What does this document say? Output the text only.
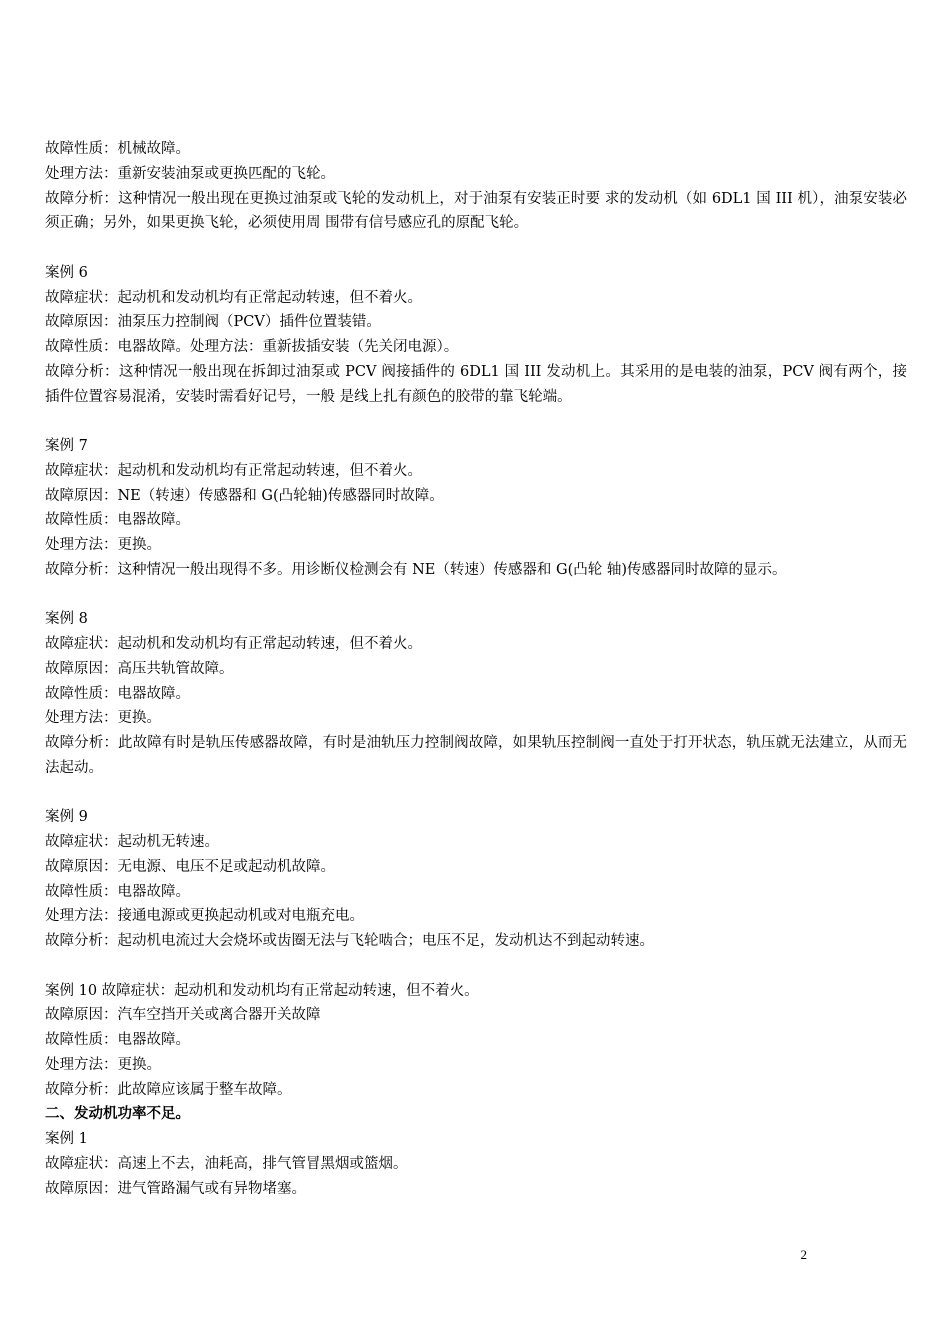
故障性质：机械故障。
处理方法：重新安装油泵或更换匹配的飞轮。
故障分析：这种情况一般出现在更换过油泵或飞轮的发动机上，对于油泵有安装正时要 求的发动机（如 6DL1 国 III 机），油泵安装必须正确；另外，如果更换飞轮，必须使用周 围带有信号感应孔的原配飞轮。
案例 6
故障症状：起动机和发动机均有正常起动转速，但不着火。
故障原因：油泵压力控制阀（PCV）插件位置装错。
故障性质：电器故障。处理方法：重新拔插安装（先关闭电源）。
故障分析：这种情况一般出现在拆卸过油泵或 PCV 阀接插件的 6DL1 国 III 发动机上。其采用的是电装的油泵，PCV 阀有两个，接插件位置容易混淆，安装时需看好记号，一般 是线上扎有颜色的胶带的靠飞轮端。
案例 7
故障症状：起动机和发动机均有正常起动转速，但不着火。
故障原因：NE（转速）传感器和 G(凸轮轴)传感器同时故障。
故障性质：电器故障。
处理方法：更换。
故障分析：这种情况一般出现得不多。用诊断仪检测会有 NE（转速）传感器和 G(凸轮 轴)传感器同时故障的显示。
案例 8
故障症状：起动机和发动机均有正常起动转速，但不着火。
故障原因：高压共轨管故障。
故障性质：电器故障。
处理方法：更换。
故障分析：此故障有时是轨压传感器故障，有时是油轨压力控制阀故障，如果轨压控制阀一直处于打开状态，轨压就无法建立，从而无法起动。
案例 9
故障症状：起动机无转速。
故障原因：无电源、电压不足或起动机故障。
故障性质：电器故障。
处理方法：接通电源或更换起动机或对电瓶充电。
故障分析：起动机电流过大会烧坏或齿圈无法与飞轮啮合；电压不足，发动机达不到起动转速。
案例 10 故障症状：起动机和发动机均有正常起动转速，但不着火。
故障原因：汽车空挡开关或离合器开关故障
故障性质：电器故障。
处理方法：更换。
故障分析：此故障应该属于整车故障。
二、发动机功率不足。
案例 1
故障症状：高速上不去，油耗高，排气管冒黑烟或篮烟。
故障原因：进气管路漏气或有异物堵塞。
2
